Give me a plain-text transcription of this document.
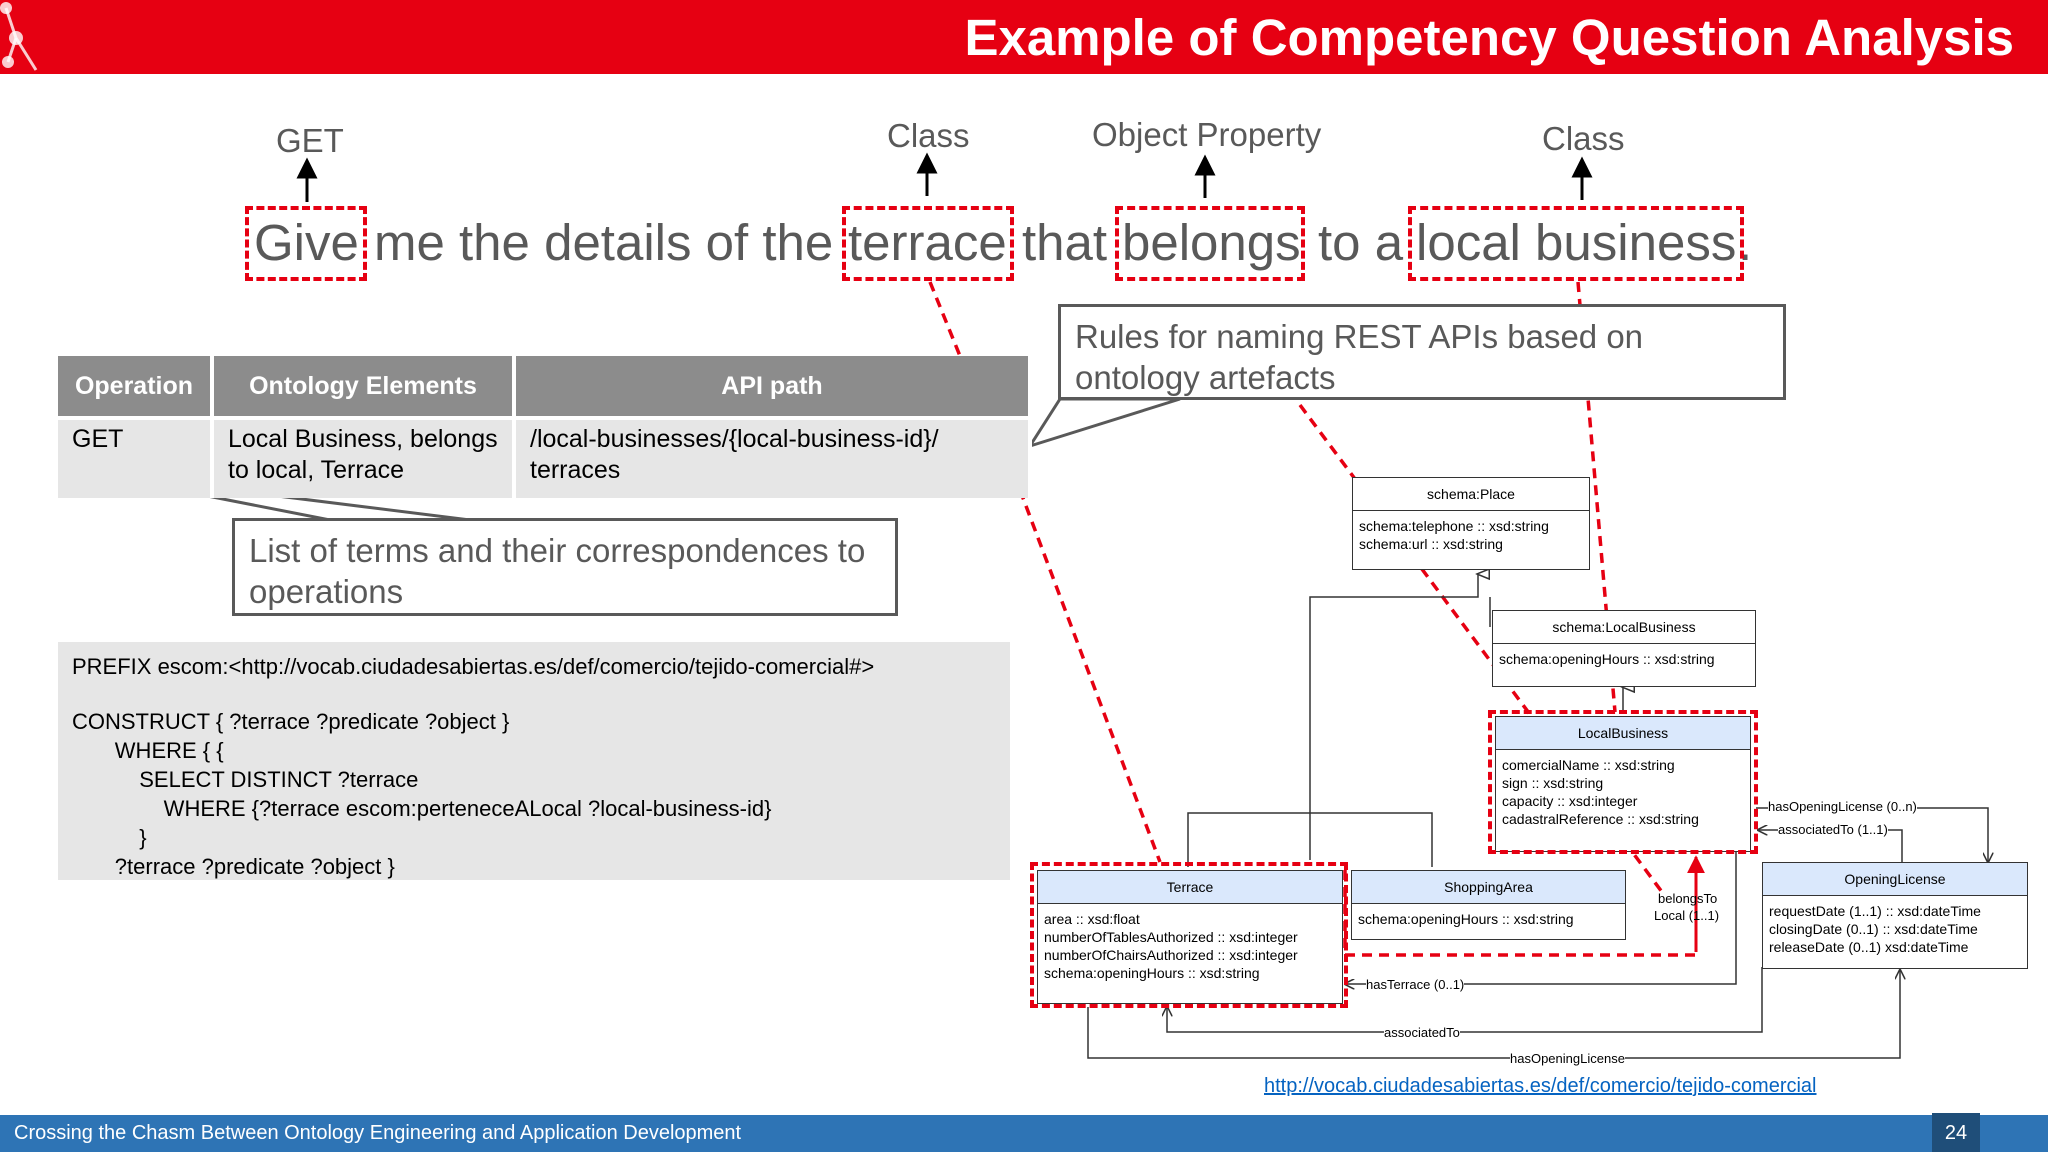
Example of Competency Question Analysis
GET	Class	Object Property	Class
Give me the details of the terrace that belongs to a local business .
Operation	Ontology Elements	API path
GET	Local Business, belongs to local, Terrace	/local-businesses/{local-business-id}/ terraces
Rules for naming REST APIs based on ontology artefacts
List of terms and their correspondences to operations
PREFIX escom:<http://vocab.ciudadesabiertas.es/def/comercio/tejido-comercial#>
CONSTRUCT { ?terrace ?predicate ?object }
WHERE { {
SELECT DISTINCT ?terrace
WHERE {?terrace escom:perteneceALocal ?local-business-id}
}
?terrace ?predicate ?object }
schema:Place
schema:telephone :: xsd:string
schema:url :: xsd:string
schema:LocalBusiness
schema:openingHours :: xsd:string
LocalBusiness
comercialName :: xsd:string
sign :: xsd:string
capacity :: xsd:integer
cadastralReference :: xsd:string
Terrace
area :: xsd:float
numberOfTablesAuthorized :: xsd:integer
numberOfChairsAuthorized :: xsd:integer
schema:openingHours :: xsd:string
ShoppingArea
schema:openingHours :: xsd:string
OpeningLicense
requestDate (1..1) :: xsd:dateTime
closingDate (0..1) :: xsd:dateTime
releaseDate (0..1) xsd:dateTime
hasOpeningLicense (0..n)
associatedTo (1..1)
belongsTo
Local (1..1)
hasTerrace (0..1)
associatedTo
hasOpeningLicense
http://vocab.ciudadesabiertas.es/def/comercio/tejido-comercial
Crossing the Chasm Between Ontology Engineering and Application Development	24
